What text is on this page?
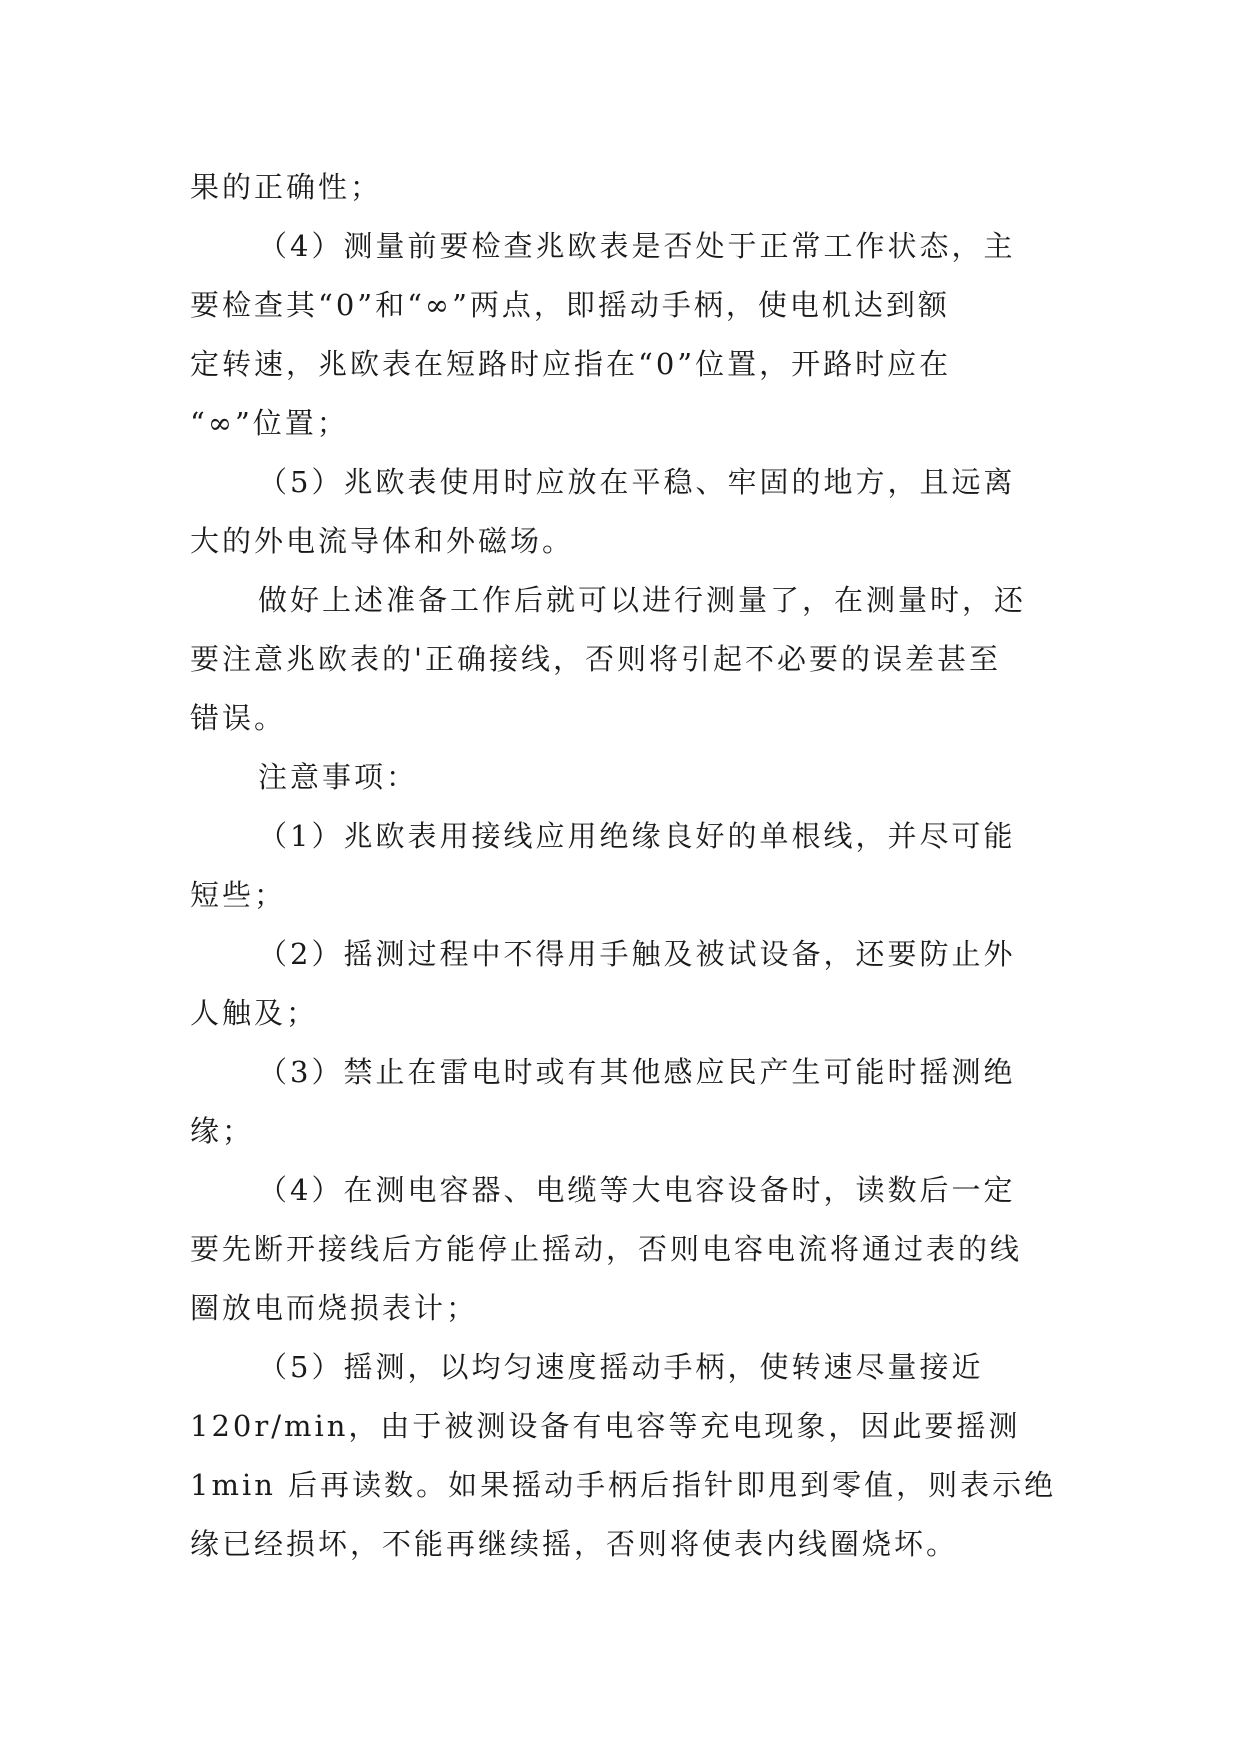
果的正确性；
（4）测量前要检查兆欧表是否处于正常工作状态，主
要检查其“0”和“∞”两点，即摇动手柄，使电机达到额
定转速，兆欧表在短路时应指在“0”位置，开路时应在
“∞”位置；
（5）兆欧表使用时应放在平稳、牢固的地方，且远离
大的外电流导体和外磁场。
做好上述准备工作后就可以进行测量了，在测量时，还
要注意兆欧表的'正确接线，否则将引起不必要的误差甚至
错误。
注意事项：
（1）兆欧表用接线应用绝缘良好的单根线，并尽可能
短些；
（2）摇测过程中不得用手触及被试设备，还要防止外
人触及；
（3）禁止在雷电时或有其他感应民产生可能时摇测绝
缘；
（4）在测电容器、电缆等大电容设备时，读数后一定
要先断开接线后方能停止摇动，否则电容电流将通过表的线
圈放电而烧损表计；
（5）摇测，以均匀速度摇动手柄，使转速尽量接近
120r/min，由于被测设备有电容等充电现象，因此要摇测
1min 后再读数。如果摇动手柄后指针即甩到零值，则表示绝
缘已经损坏，不能再继续摇，否则将使表内线圈烧坏。
